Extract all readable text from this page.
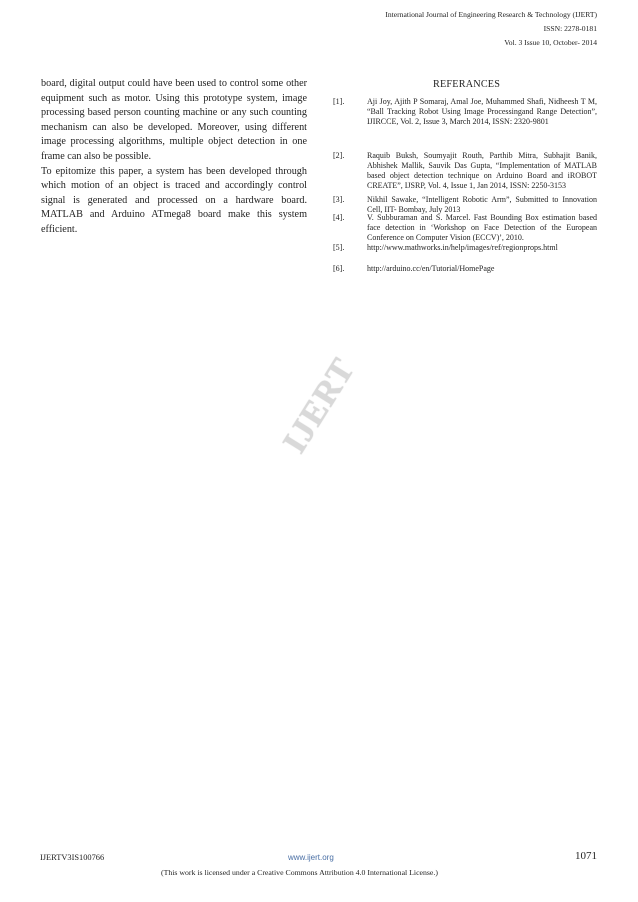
International Journal of Engineering Research & Technology (IJERT)
ISSN: 2278-0181
Vol. 3 Issue 10, October- 2014

board, digital output could have been used to control some other equipment such as motor. Using this prototype system, image processing based person counting machine or any such counting mechanism can also be developed. Moreover, using different image processing algorithms, multiple object detection in one frame can also be possible.

To epitomize this paper, a system has been developed through which motion of an object is traced and accordingly control signal is generated and processed on a hardware board. MATLAB and Arduino ATmega8 board make this system efficient.

REFERANCES
[1].	Aji Joy, Ajith P Somaraj, Amal Joe, Muhammed Shafi, Nidheesh T M, “Ball Tracking Robot Using Image Processingand Range Detection”, IJIRCCE, Vol. 2, Issue 3, March 2014, ISSN: 2320-9801
[2].	Raquib Buksh, Soumyajit Routh, Parthib Mitra, Subhajit Banik, Abhishek Mallik, Sauvik Das Gupta, “Implementation of MATLAB based object detection technique on Arduino Board and iROBOT CREATE”, IJSRP, Vol. 4, Issue 1, Jan 2014, ISSN: 2250-3153
[3].	Nikhil Sawake, “Intelligent Robotic Arm”, Submitted to Innovation Cell, IIT- Bombay, July 2013
[4].	V. Subburaman and S. Marcel. Fast Bounding Box estimation based face detection in ‘Workshop on Face Detection of the European Conference on Computer Vision (ECCV)’, 2010.
[5].	http://www.mathworks.in/help/images/ref/regionprops.html
[6].	http://arduino.cc/en/Tutorial/HomePage
IJERT
IJERTV3IS100766	www.ijert.org	1071
(This work is licensed under a Creative Commons Attribution 4.0 International License.)
